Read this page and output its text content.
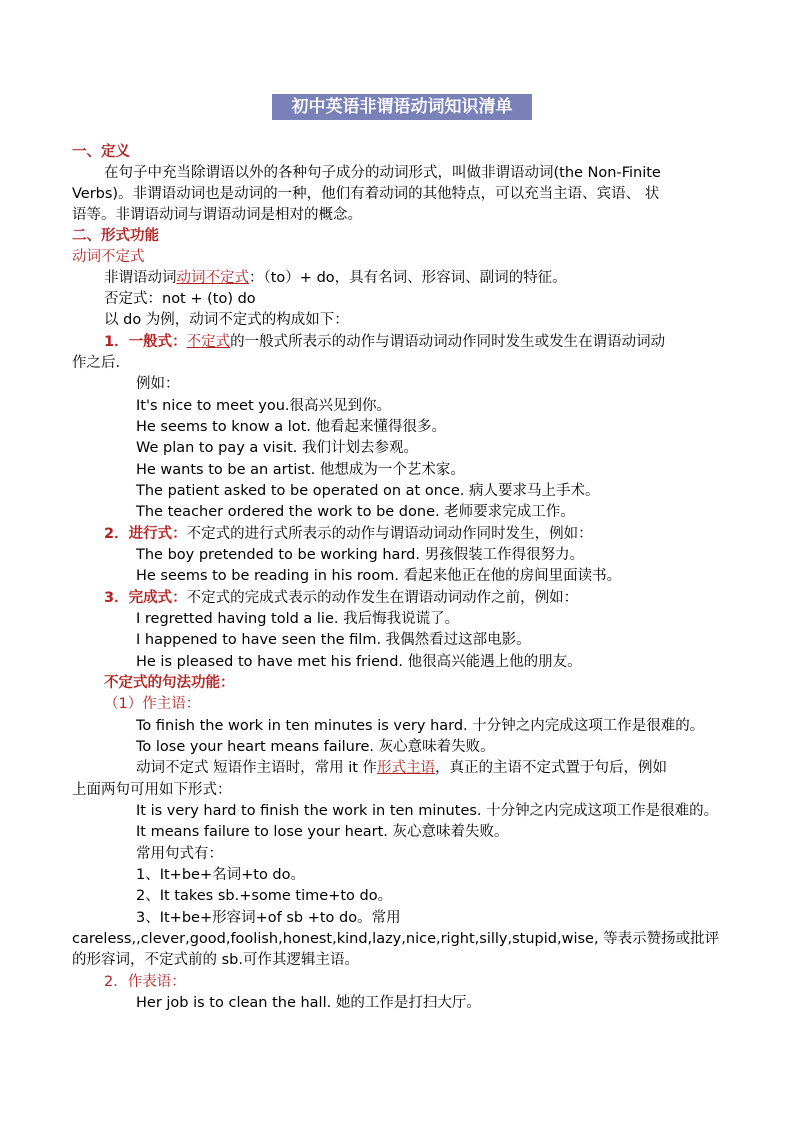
初中英语非谓语动词知识清单
一、定义
在句子中充当除谓语以外的各种句子成分的动词形式，叫做非谓语动词(the Non-Finite
Verbs)。非谓语动词也是动词的一种，他们有着动词的其他特点，可以充当主语、宾语、 状
语等。非谓语动词与谓语动词是相对的概念。
二、形式功能
动词不定式
非谓语动词动词不定式：（to）+ do，具有名词、形容词、副词的特征。
否定式：not + (to) do
以 do 为例，动词不定式的构成如下：
1．一般式：不定式的一般式所表示的动作与谓语动词动作同时发生或发生在谓语动词动
作之后.
例如：
It's nice to meet you.很高兴见到你。
He seems to know a lot. 他看起来懂得很多。
We plan to pay a visit. 我们计划去参观。
He wants to be an artist. 他想成为一个艺术家。
The patient asked to be operated on at once. 病人要求马上手术。
The teacher ordered the work to be done. 老师要求完成工作。
2．进行式：不定式的进行式所表示的动作与谓语动词动作同时发生，例如：
The boy pretended to be working hard. 男孩假装工作得很努力。
He seems to be reading in his room. 看起来他正在他的房间里面读书。
3．完成式：不定式的完成式表示的动作发生在谓语动词动作之前，例如：
I regretted having told a lie. 我后悔我说谎了。
I happened to have seen the film. 我偶然看过这部电影。
He is pleased to have met his friend. 他很高兴能遇上他的朋友。
不定式的句法功能：
（1）作主语：
To finish the work in ten minutes is very hard. 十分钟之内完成这项工作是很难的。
To lose your heart means failure. 灰心意味着失败。
动词不定式 短语作主语时，常用 it 作形式主语，真正的主语不定式置于句后，例如
上面两句可用如下形式：
It is very hard to finish the work in ten minutes. 十分钟之内完成这项工作是很难的。
It means failure to lose your heart. 灰心意味着失败。
常用句式有：
1、It+be+名词+to do。
2、It takes sb.+some time+to do。
3、It+be+形容词+of sb +to do。常用
careless,,clever,good,foolish,honest,kind,lazy,nice,right,silly,stupid,wise, 等表示赞扬或批评
的形容词，不定式前的 sb.可作其逻辑主语。
2．作表语：
Her job is to clean the hall. 她的工作是打扫大厅。
